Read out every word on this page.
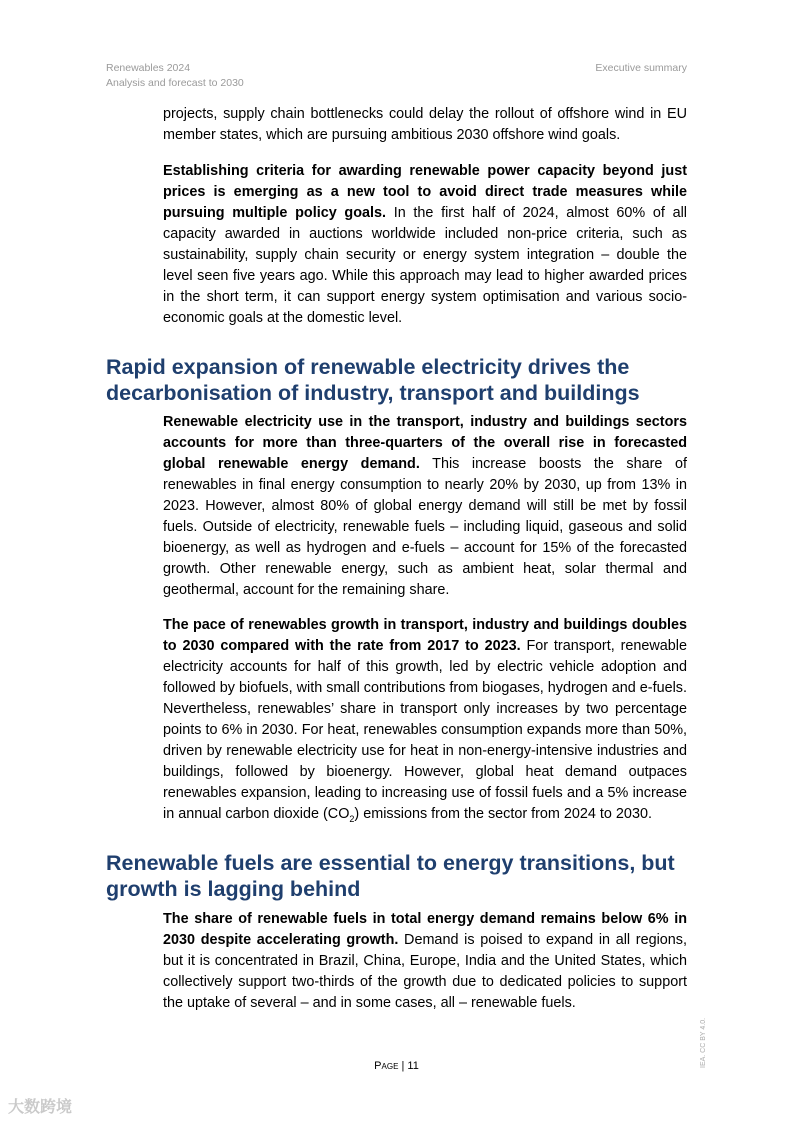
Renewables 2024
Analysis and forecast to 2030
Executive summary

projects, supply chain bottlenecks could delay the rollout of offshore wind in EU member states, which are pursuing ambitious 2030 offshore wind goals.

Establishing criteria for awarding renewable power capacity beyond just prices is emerging as a new tool to avoid direct trade measures while pursuing multiple policy goals. In the first half of 2024, almost 60% of all capacity awarded in auctions worldwide included non-price criteria, such as sustainability, supply chain security or energy system integration – double the level seen five years ago. While this approach may lead to higher awarded prices in the short term, it can support energy system optimisation and various socio-economic goals at the domestic level.

Rapid expansion of renewable electricity drives the decarbonisation of industry, transport and buildings

Renewable electricity use in the transport, industry and buildings sectors accounts for more than three-quarters of the overall rise in forecasted global renewable energy demand. This increase boosts the share of renewables in final energy consumption to nearly 20% by 2030, up from 13% in 2023. However, almost 80% of global energy demand will still be met by fossil fuels. Outside of electricity, renewable fuels – including liquid, gaseous and solid bioenergy, as well as hydrogen and e-fuels – account for 15% of the forecasted growth. Other renewable energy, such as ambient heat, solar thermal and geothermal, account for the remaining share.

The pace of renewables growth in transport, industry and buildings doubles to 2030 compared with the rate from 2017 to 2023. For transport, renewable electricity accounts for half of this growth, led by electric vehicle adoption and followed by biofuels, with small contributions from biogases, hydrogen and e-fuels. Nevertheless, renewables’ share in transport only increases by two percentage points to 6% in 2030. For heat, renewables consumption expands more than 50%, driven by renewable electricity use for heat in non-energy-intensive industries and buildings, followed by bioenergy. However, global heat demand outpaces renewables expansion, leading to increasing use of fossil fuels and a 5% increase in annual carbon dioxide $(CO_2)$ emissions from the sector from 2024 to 2030.

Renewable fuels are essential to energy transitions, but growth is lagging behind

The share of renewable fuels in total energy demand remains below 6% in 2030 despite accelerating growth. Demand is poised to expand in all regions, but it is concentrated in Brazil, China, Europe, India and the United States, which collectively support two-thirds of the growth due to dedicated policies to support the uptake of several – and in some cases, all – renewable fuels.

Page | 11	IEA. CC BY 4.0.
大数跨境
